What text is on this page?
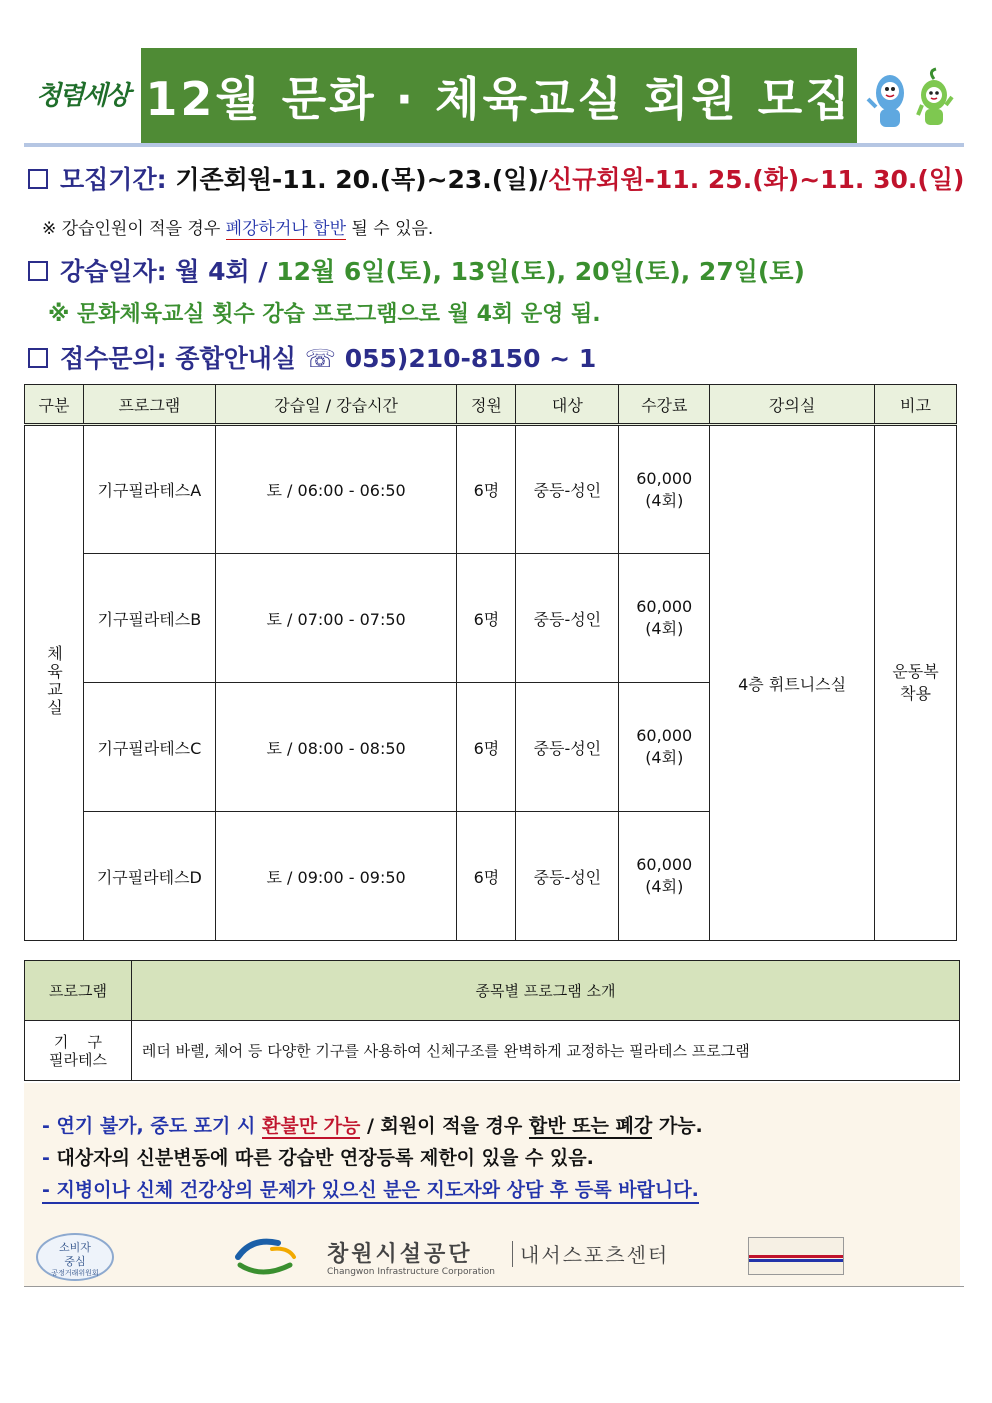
청렴세상 12월 문화 · 체육교실 회원 모집
모집기간: 기존회원-11. 20.(목)~23.(일)/신규회원-11. 25.(화)~11. 30.(일)
※ 강습인원이 적을 경우 폐강하거나 합반 될 수 있음.
강습일자: 월 4회 / 12월 6일(토), 13일(토), 20일(토), 27일(토)
※ 문화체육교실 횟수 강습 프로그램으로 월 4회 운영 됨.
접수문의: 종합안내실 ☏ 055)210-8150 ~ 1
구분	프로그램	강습일 / 강습시간	정원	대상	수강료	강의실	비고
체육교실	기구필라테스A	토 / 06:00 - 06:50	6명	중등-성인	60,000
(4회)	4층 휘트니스실	운동복 착용

	기구필라테스B	토 / 07:00 - 07:50	6명	중등-성인	60,000
(4회)		

	기구필라테스C	토 / 08:00 - 08:50	6명	중등-성인	60,000
(4회)		

	기구필라테스D	토 / 09:00 - 09:50	6명	중등-성인	60,000
(4회)		
프로그램	종목별 프로그램 소개

기    구
필라테스	레더 바렐, 체어 등 다양한 기구를 사용하여 신체구조를 완벽하게 교정하는 필라테스 프로그램
- 연기 불가, 중도 포기 시 환불만 가능 / 회원이 적을 경우 합반 또는 폐강 가능.
- 대상자의 신분변동에 따른 강습반 연장등록 제한이 있을 수 있음.
- 지병이나 신체 건강상의 문제가 있으신 분은 지도자와 상담 후 등록 바랍니다.
소비자
중심
공정거래위원회
창원시설공단
Changwon Infrastructure Corporation
내서스포츠센터
